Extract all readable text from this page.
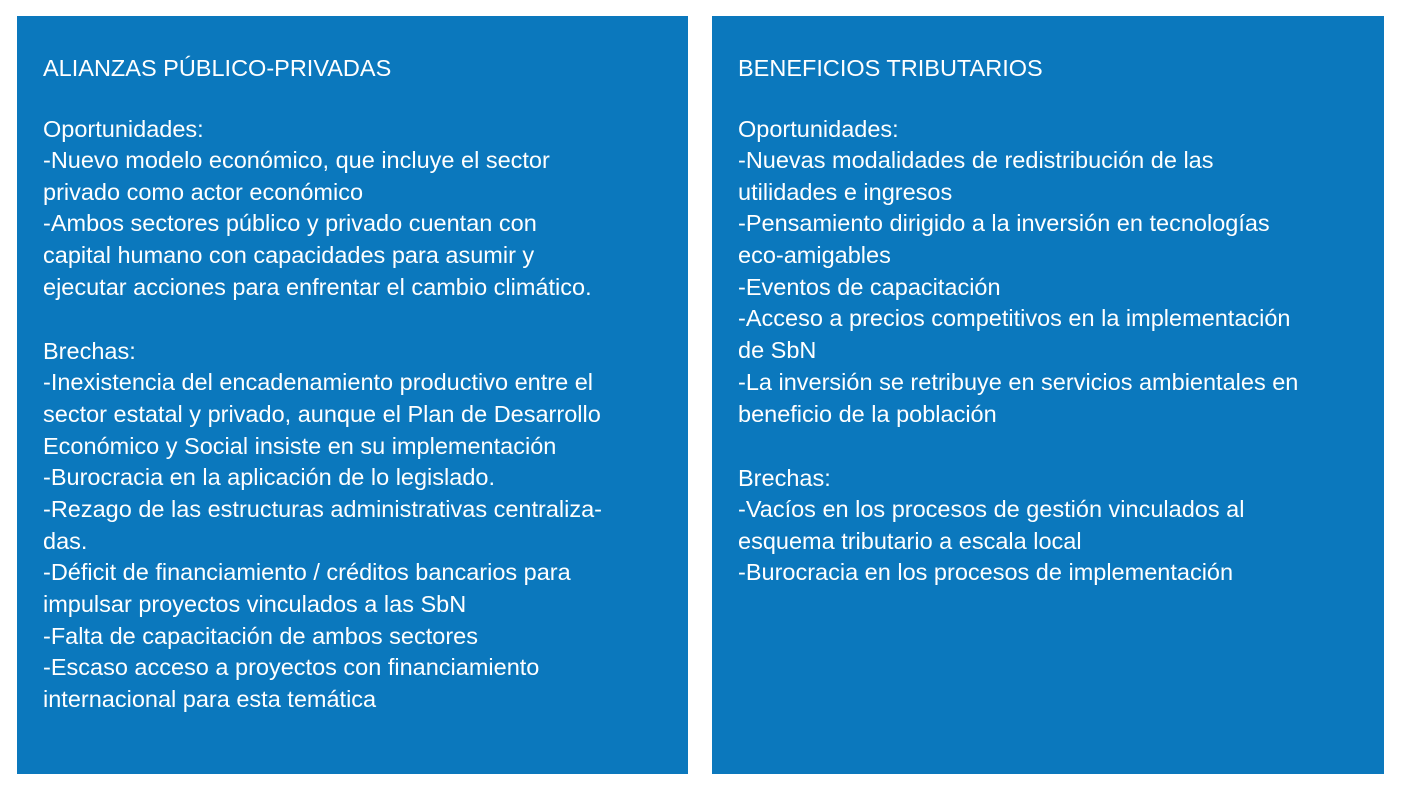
ALIANZAS PÚBLICO-PRIVADAS
Oportunidades:
-Nuevo modelo económico, que incluye el sector
privado como actor económico
-Ambos sectores público y privado cuentan con
capital humano con capacidades para asumir y
ejecutar acciones para enfrentar el cambio climático.
Brechas:
-Inexistencia del encadenamiento productivo entre el
sector estatal y privado, aunque el Plan de Desarrollo
Económico y Social insiste en su implementación
-Burocracia en la aplicación de lo legislado.
-Rezago de las estructuras administrativas centraliza-
das.
-Déficit de financiamiento / créditos bancarios para
impulsar proyectos vinculados a las SbN
-Falta de capacitación de ambos sectores
-Escaso acceso a proyectos con financiamiento
internacional para esta temática
BENEFICIOS TRIBUTARIOS
Oportunidades:
-Nuevas modalidades de redistribución de las
utilidades e ingresos
-Pensamiento dirigido a la inversión en tecnologías
eco-amigables
-Eventos de capacitación
-Acceso a precios competitivos en la implementación
de SbN
-La inversión se retribuye en servicios ambientales en
beneficio de la población
Brechas:
-Vacíos en los procesos de gestión vinculados al
esquema tributario a escala local
-Burocracia en los procesos de implementación
